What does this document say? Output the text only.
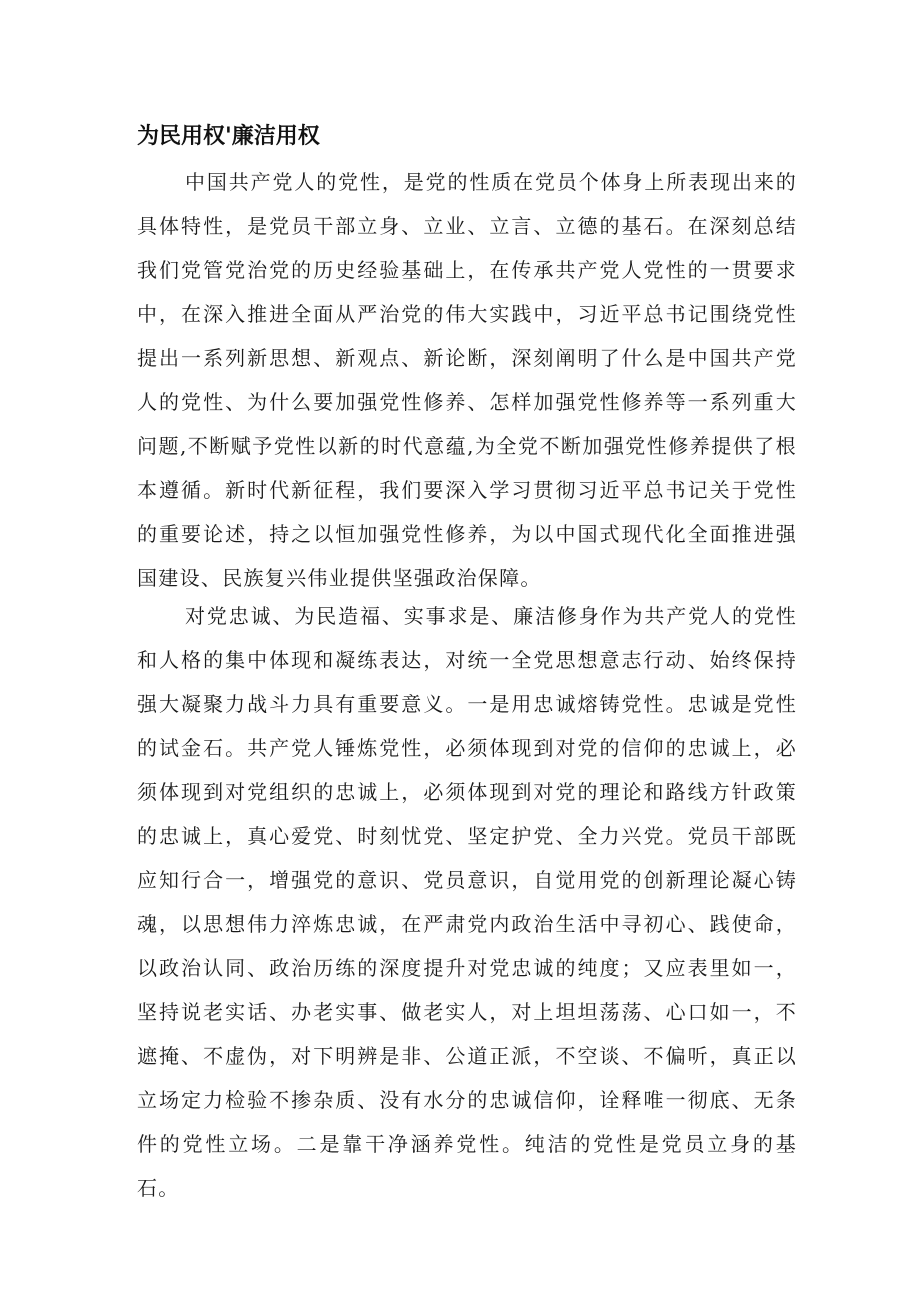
为民用权'廉洁用权

中国共产党人的党性，是党的性质在党员个体身上所表现出来的具体特性，是党员干部立身、立业、立言、立德的基石。在深刻总结我们党管党治党的历史经验基础上，在传承共产党人党性的一贯要求中，在深入推进全面从严治党的伟大实践中，习近平总书记围绕党性提出一系列新思想、新观点、新论断，深刻阐明了什么是中国共产党人的党性、为什么要加强党性修养、怎样加强党性修养等一系列重大问题,不断赋予党性以新的时代意蕴,为全党不断加强党性修养提供了根本遵循。新时代新征程，我们要深入学习贯彻习近平总书记关于党性的重要论述，持之以恒加强党性修养，为以中国式现代化全面推进强国建设、民族复兴伟业提供坚强政治保障。

对党忠诚、为民造福、实事求是、廉洁修身作为共产党人的党性和人格的集中体现和凝练表达，对统一全党思想意志行动、始终保持强大凝聚力战斗力具有重要意义。一是用忠诚熔铸党性。忠诚是党性的试金石。共产党人锤炼党性，必须体现到对党的信仰的忠诚上，必须体现到对党组织的忠诚上，必须体现到对党的理论和路线方针政策的忠诚上，真心爱党、时刻忧党、坚定护党、全力兴党。党员干部既应知行合一，增强党的意识、党员意识，自觉用党的创新理论凝心铸魂，以思想伟力淬炼忠诚，在严肃党内政治生活中寻初心、践使命，以政治认同、政治历练的深度提升对党忠诚的纯度；又应表里如一，坚持说老实话、办老实事、做老实人，对上坦坦荡荡、心口如一，不遮掩、不虚伪，对下明辨是非、公道正派，不空谈、不偏听，真正以立场定力检验不掺杂质、没有水分的忠诚信仰，诠释唯一彻底、无条件的党性立场。二是靠干净涵养党性。纯洁的党性是党员立身的基石。
